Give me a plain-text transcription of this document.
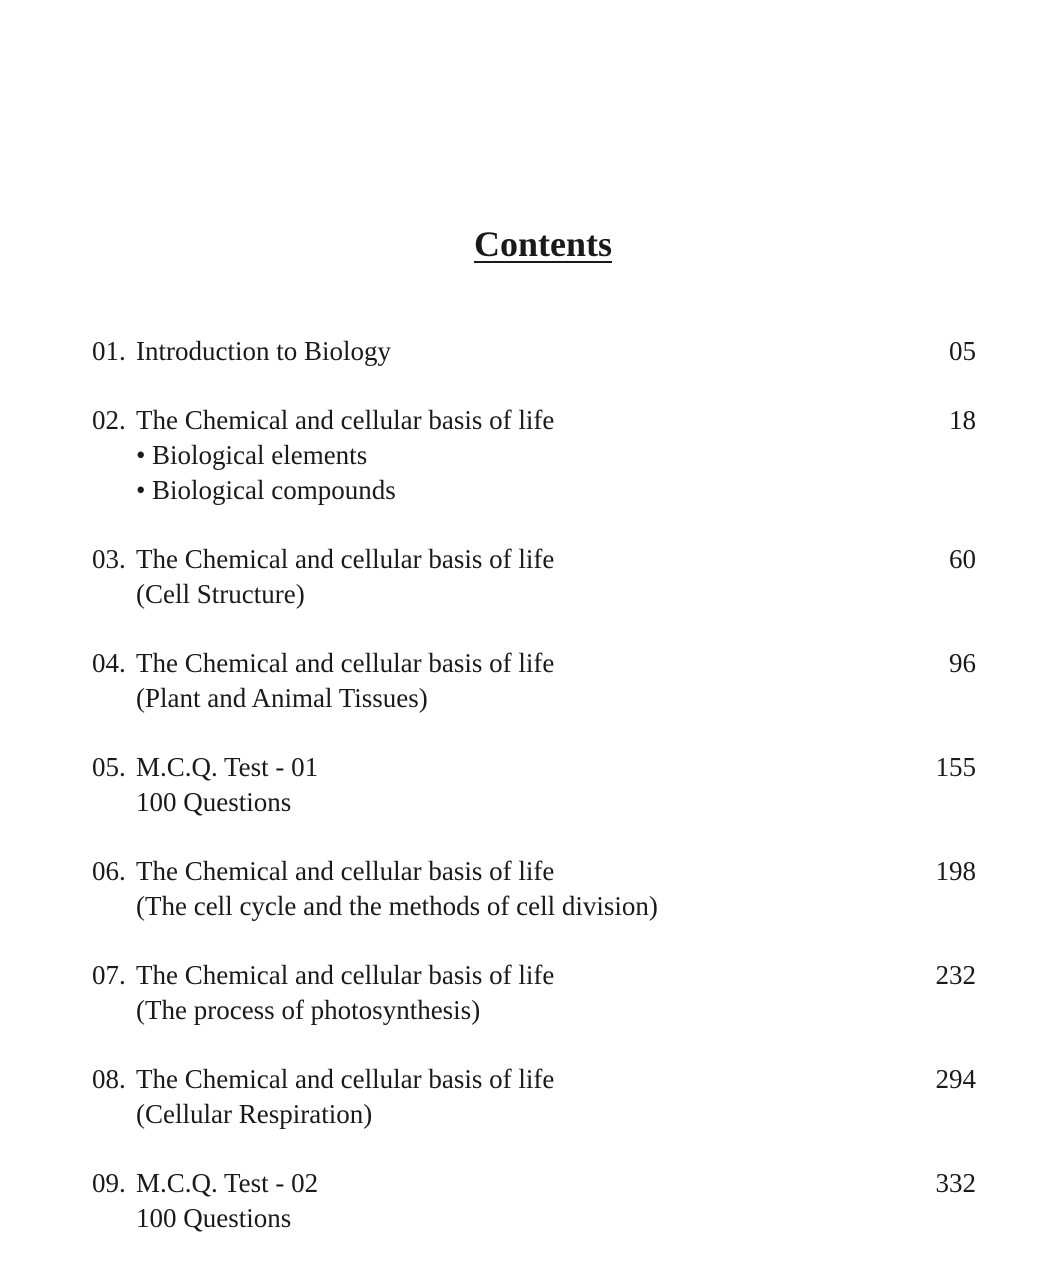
Contents
01. Introduction to Biology	05
02. The Chemical and cellular basis of life	18
• Biological elements
• Biological compounds
03. The Chemical and cellular basis of life	60
(Cell Structure)
04. The Chemical and cellular basis of life	96
(Plant and Animal Tissues)
05. M.C.Q. Test - 01	155
100 Questions
06. The Chemical and cellular basis of life	198
(The cell cycle and the methods of cell division)
07. The Chemical and cellular basis of life	232
(The process of photosynthesis)
08. The Chemical and cellular basis of life	294
(Cellular Respiration)
09. M.C.Q. Test - 02	332
100 Questions
